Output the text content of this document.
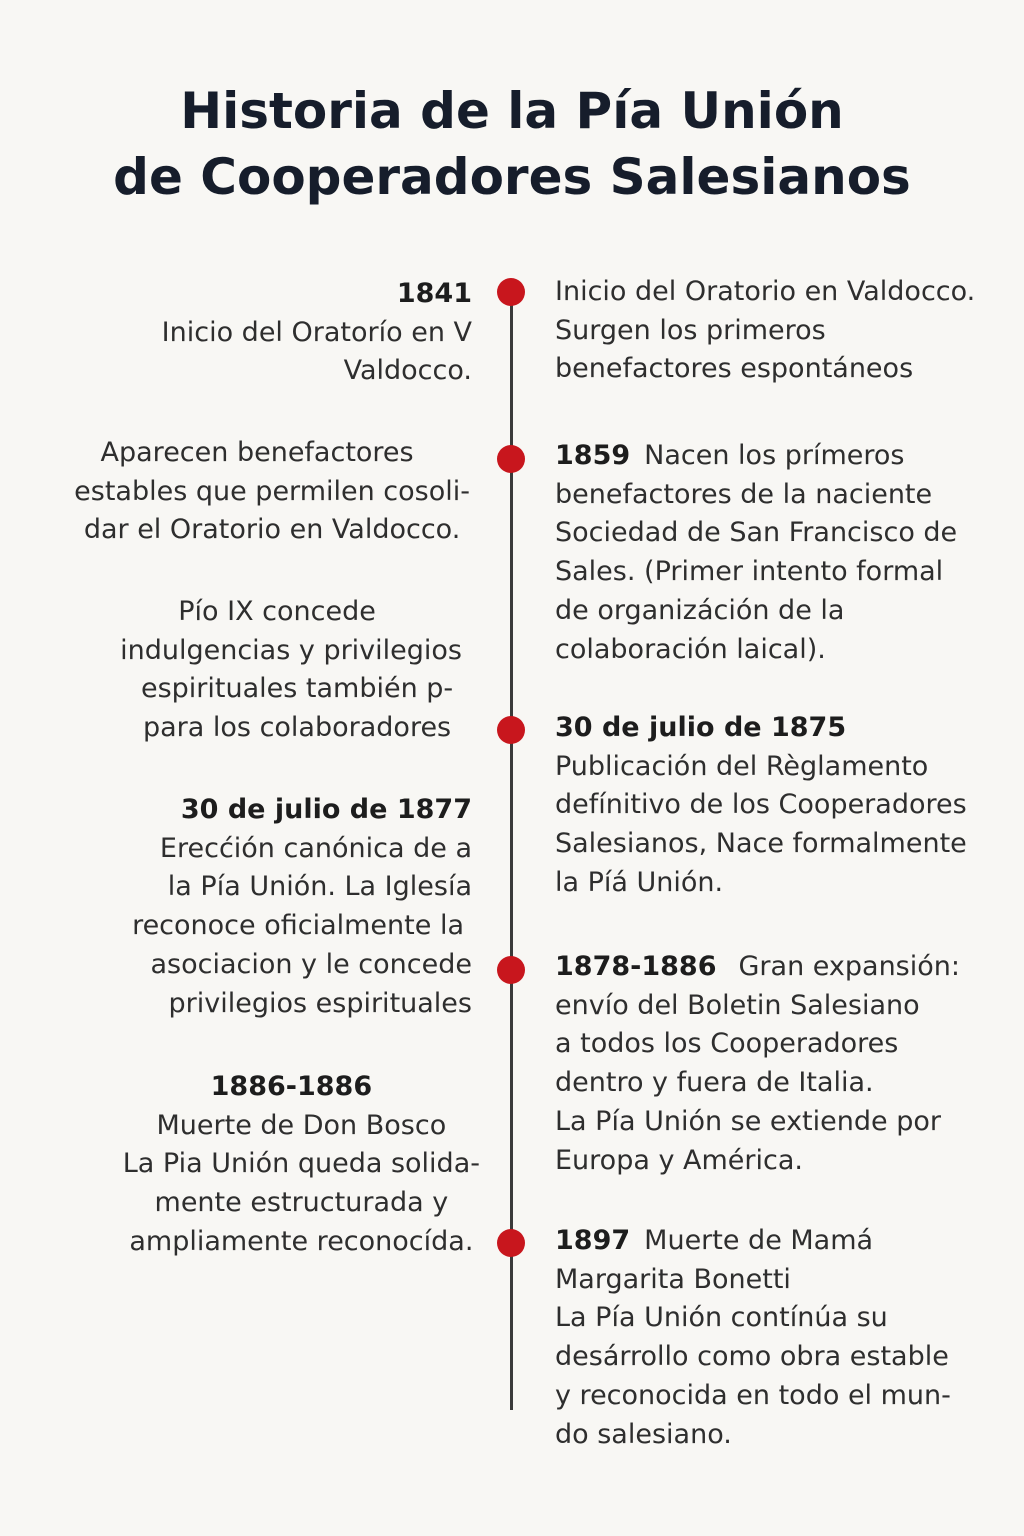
Historia de la Pía Unión
de Cooperadores Salesianos
1841
Inicio del Oratorío en V
Valdocco.
Aparecen benefactores
estables que permilen cosoli-
dar el Oratorio en Valdocco.
Pío IX concede
indulgencias y privilegios
espirituales también p-
para los colaboradores
30 de julio de 1877
Erecćión canónica de a
la Pía Unión. La Iglesía
reconoce oficialmente la
asociacion y le concede
privilegios espirituales
1886-1886
Muerte de Don Bosco
La Pia Unión queda solida-
mente estructurada y
ampliamente reconocída.
Inicio del Oratorio en Valdocco.
Surgen los primeros
benefactores espontáneos
1859 Nacen los prímeros
benefactores de la naciente
Sociedad de San Francisco de
Sales. (Primer intento formal
de organizáción de la
colaboración laical).
30 de julio de 1875
Publicación del Règlamento
defínitivo de los Cooperadores
Salesianos, Nace formalmente
la Píá Unión.
1878-1886 Gran expansión:
envío del Boletin Salesiano
a todos los Cooperadores
dentro y fuera de Italia.
La Pía Unión se extiende por
Europa y América.
1897 Muerte de Mamá
Margarita Bonetti
La Pía Unión contínúa su
desárrollo como obra estable
y reconocida en todo el mun-
do salesiano.
